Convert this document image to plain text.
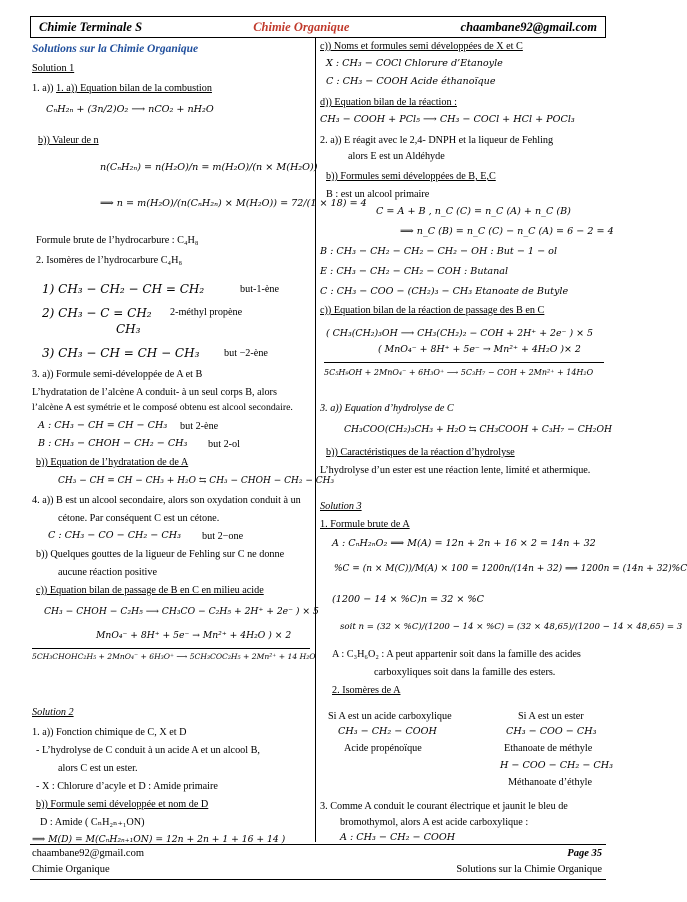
Chimie Terminale S	Chimie Organique	chaambane92@gmail.com
Solutions sur la Chimie Organique
Solution 1
1. a)) 1. a)) Equation bilan de la combustion
CₙH₂ₙ + (3n/2)O₂ ⟶ nCO₂ + nH₂O
b)) Valeur de n
n(CₙH₂ₙ) = n(H₂O)/n = m(H₂O)/(n × M(H₂O))
⟹ n = m(H₂O)/(n(CₙH₂ₙ) × M(H₂O)) = 72/(1 × 18) = 4
Formule brute de l’hydrocarbure : C₄H₈
2. Isomères de l’hydrocarbure C₄H₈
1) CH₃ − CH₂ − CH = CH₂	but-1-ène
2) CH₃ − C = CH₂ 2-méthyl propène
CH₃
3) CH₃ − CH = CH − CH₃ but −2-ène
3. a)) Formule semi-développée de A et B
L’hydratation de l’alcène A conduit- à un seul corps B, alors
l’alcène A est symétrie et le composé obtenu est alcool secondaire.
A : CH₃ − CH = CH − CH₃ but 2-ène
B : CH₃ − CHOH − CH₂ − CH₃ but 2-ol
b)) Equation de l’hydratation de de A
CH₃ − CH = CH − CH₃ + H₂O ⇆ CH₃ − CHOH − CH₂ − CH₃
4. a)) B est un alcool secondaire, alors son oxydation conduit à un
cétone. Par conséquent C est un cétone.
C : CH₃ − CO − CH₂ − CH₃ but 2−one
b)) Quelques gouttes de la ligueur de Fehling sur C ne donne
aucune réaction positive
c)) Equation bilan de passage de B en C en milieu acide
CH₃ − CHOH − C₂H₅ ⟶ CH₃CO − C₂H₅ + 2H⁺ + 2e⁻ ) × 5
MnO₄⁻ + 8H⁺ + 5e⁻ → Mn²⁺ + 4H₂O ) × 2
5CH₃CHOHC₂H₅ + 2MnO₄⁻ + 6H₃O⁺ ⟶ 5CH₃COC₂H₅ + 2Mn²⁺ + 14 H₂O
Solution 2
1. a)) Fonction chimique de C, X et D
- L’hydrolyse de C conduit à un acide A et un alcool B,
alors C est un ester.
- X : Chlorure d’acyle et D : Amide primaire
b)) Formule semi développée et nom de D
D : Amide ( CₙH₂ₙ₊₁ON)
⟹ M(D) = M(CₙH₂ₙ₊₁ON) = 12n + 2n + 1 + 16 + 14 )
c)) Noms et formules semi développées de X et C
X : CH₃ − COCl Chlorure d’Etanoyle
C : CH₃ − COOH Acide éthanoïque
d)) Equation bilan de la réaction :
CH₃ − COOH + PCl₅ ⟶ CH₃ − COCl + HCl + POCl₃
2. a)) E réagit avec le 2,4- DNPH et la liqueur de Fehling
alors E est un Aldéhyde
b)) Formules semi développées de B, E,C
B : est un alcool primaire
C = A + B , n_C (C) = n_C (A) + n_C (B)
⟹ n_C (B) = n_C (C) − n_C (A) = 6 − 2 = 4
B : CH₃ − CH₂ − CH₂ − CH₂ − OH : But − 1 − ol
E : CH₃ − CH₂ − CH₂ − COH : Butanal
C : CH₃ − COO − (CH₂)₃ − CH₃ Etanoate de Butyle
c)) Equation bilan de la réaction de passage des B en C
( CH₃(CH₂)₃OH ⟶ CH₃(CH₂)₂ − COH + 2H⁺ + 2e⁻ ) × 5
( MnO₄⁻ + 8H⁺ + 5e⁻ → Mn²⁺ + 4H₂O )× 2
5C₅H₉OH + 2MnO₄⁻ + 6H₃O⁺ ⟶ 5C₃H₇ − COH + 2Mn²⁺ + 14H₂O
3. a)) Equation d’hydrolyse de C
CH₃COO(CH₂)₃CH₃ + H₂O ⇆ CH₃COOH + C₃H₇ − CH₂OH
b)) Caractéristiques de la réaction d’hydrolyse
L’hydrolyse d’un ester est une réaction lente, limité et athermique.
Solution 3
1. Formule brute de A
A : CₙH₂ₙO₂ ⟹ M(A) = 12n + 2n + 16 × 2 = 14n + 32
%C = (n × M(C))/M(A) × 100 = 1200n/(14n + 32) ⟹ 1200n = (14n + 32)%C
(1200 − 14 × %C)n = 32 × %C
soit n = (32 × %C)/(1200 − 14 × %C) = (32 × 48,65)/(1200 − 14 × 48,65) = 3
A : C₃H₆O₂ : A peut appartenir soit dans la famille des acides
carboxyliques soit dans la famille des esters.
2. Isomères de A
Si A est un acide carboxylique
CH₃ − CH₂ − COOH
Acide propénoïque
Si A est un ester
CH₃ − COO − CH₃
Ethanoate de méthyle
H − COO − CH₂ − CH₃
Méthanoate d’éthyle
3. Comme A conduit le courant électrique et jaunit le bleu de
bromothymol, alors A est acide carboxylique :
A : CH₃ − CH₂ − COOH
chaambane92@gmail.com	Page 35
Chimie Organique	Solutions sur la Chimie Organique
